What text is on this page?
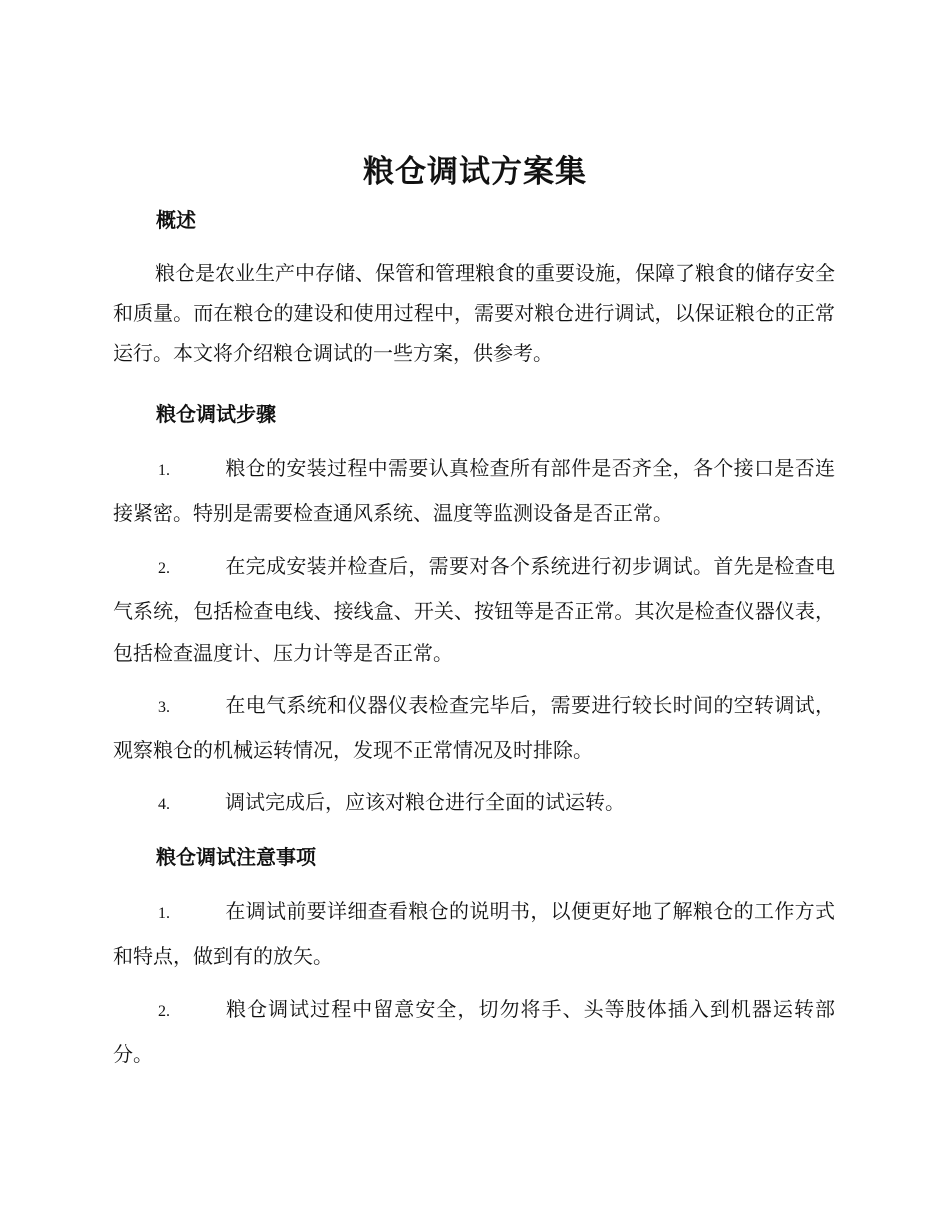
粮仓调试方案集
概述

粮仓是农业生产中存储、保管和管理粮食的重要设施，保障了粮食的储存安全和质量。而在粮仓的建设和使用过程中，需要对粮仓进行调试，以保证粮仓的正常运行。本文将介绍粮仓调试的一些方案，供参考。

粮仓调试步骤

1.	粮仓的安装过程中需要认真检查所有部件是否齐全，各个接口是否连接紧密。特别是需要检查通风系统、温度等监测设备是否正常。

2.	在完成安装并检查后，需要对各个系统进行初步调试。首先是检查电气系统，包括检查电线、接线盒、开关、按钮等是否正常。其次是检查仪器仪表，包括检查温度计、压力计等是否正常。

3.	在电气系统和仪器仪表检查完毕后，需要进行较长时间的空转调试，观察粮仓的机械运转情况，发现不正常情况及时排除。

4.	调试完成后，应该对粮仓进行全面的试运转。

粮仓调试注意事项

1.	在调试前要详细查看粮仓的说明书，以便更好地了解粮仓的工作方式和特点，做到有的放矢。

2.	粮仓调试过程中留意安全，切勿将手、头等肢体插入到机器运转部分。
